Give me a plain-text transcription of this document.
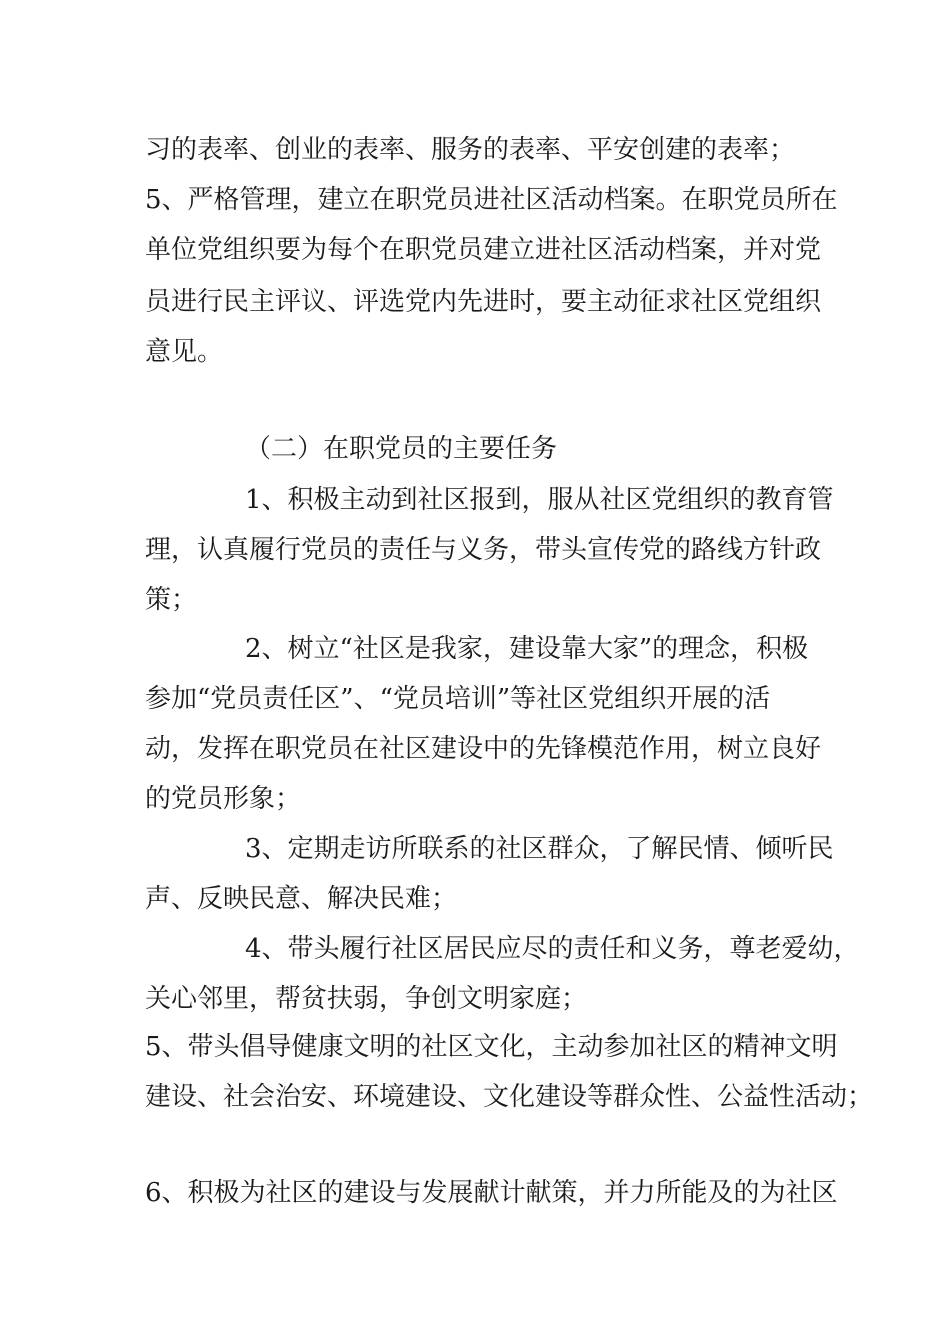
习的表率、创业的表率、服务的表率、平安创建的表率；
5、严格管理，建立在职党员进社区活动档案。在职党员所在
单位党组织要为每个在职党员建立进社区活动档案，并对党
员进行民主评议、评选党内先进时，要主动征求社区党组织
意见。
（二）在职党员的主要任务
1、积极主动到社区报到，服从社区党组织的教育管
理，认真履行党员的责任与义务，带头宣传党的路线方针政
策；
2、树立“社区是我家，建设靠大家”的理念，积极
参加“党员责任区”、“党员培训”等社区党组织开展的活
动，发挥在职党员在社区建设中的先锋模范作用，树立良好
的党员形象；
3、定期走访所联系的社区群众，了解民情、倾听民
声、反映民意、解决民难；
4、带头履行社区居民应尽的责任和义务，尊老爱幼，
关心邻里，帮贫扶弱，争创文明家庭；
5、带头倡导健康文明的社区文化，主动参加社区的精神文明
建设、社会治安、环境建设、文化建设等群众性、公益性活动；
6、积极为社区的建设与发展献计献策，并力所能及的为社区
